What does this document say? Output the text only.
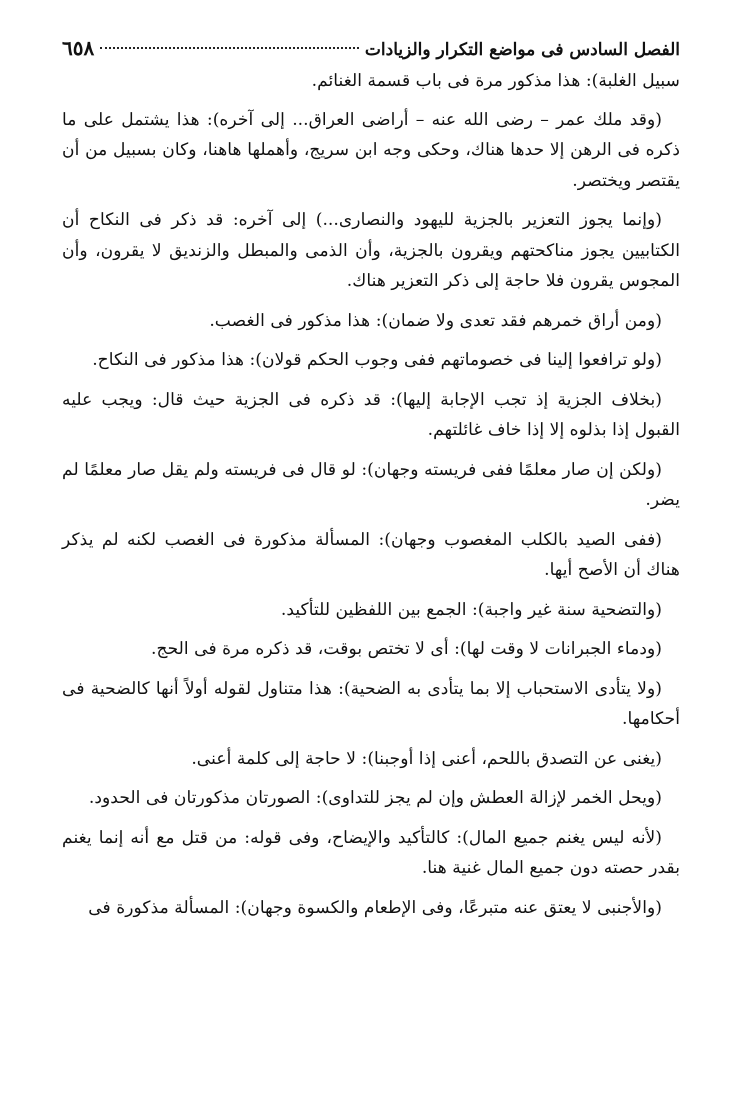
الفصل السادس فى مواضع التكرار والزيادات
٦٥٨

سبيل الغلبة): هذا مذكور مرة فى باب قسمة الغنائم.

(وقد ملك عمر – رضى الله عنه – أراضى العراق... إلى آخره): هذا يشتمل على ما ذكره فى الرهن إلا حدها هناك، وحكى وجه ابن سريج، وأهملها هاهنا، وكان بسبيل من أن يقتصر ويختصر.

(وإنما يجوز التعزير بالجزية لليهود والنصارى...) إلى آخره: قد ذكر فى النكاح أن الكتابيين يجوز مناكحتهم ويقرون بالجزية، وأن الذمى والمبطل والزنديق لا يقرون، وأن المجوس يقرون فلا حاجة إلى ذكر التعزير هناك.

(ومن أراق خمرهم فقد تعدى ولا ضمان): هذا مذكور فى الغصب.

(ولو ترافعوا إلينا فى خصوماتهم ففى وجوب الحكم قولان): هذا مذكور فى النكاح.

(بخلاف الجزية إذ تجب الإجابة إليها): قد ذكره فى الجزية حيث قال: ويجب عليه القبول إذا بذلوه إلا إذا خاف غائلتهم.

(ولكن إن صار معلمًا ففى فريسته وجهان): لو قال فى فريسته ولم يقل صار معلمًا لم يضر.

(ففى الصيد بالكلب المغصوب وجهان): المسألة مذكورة فى الغصب لكنه لم يذكر هناك أن الأصح أيها.

(والتضحية سنة غير واجبة): الجمع بين اللفظين للتأكيد.

(ودماء الجبرانات لا وقت لها): أى لا تختص بوقت، قد ذكره مرة فى الحج.

(ولا يتأدى الاستحباب إلا بما يتأدى به الضحية): هذا متناول لقوله أولاً أنها كالضحية فى أحكامها.

(يغنى عن التصدق باللحم، أعنى إذا أوجبنا): لا حاجة إلى كلمة أعنى.

(ويحل الخمر لإزالة العطش وإن لم يجز للتداوى): الصورتان مذكورتان فى الحدود.

(لأنه ليس يغنم جميع المال): كالتأكيد والإيضاح، وفى قوله: من قتل مع أنه إنما يغنم بقدر حصته دون جميع المال غنية هنا.

(والأجنبى لا يعتق عنه متبرعًا، وفى الإطعام والكسوة وجهان): المسألة مذكورة فى
